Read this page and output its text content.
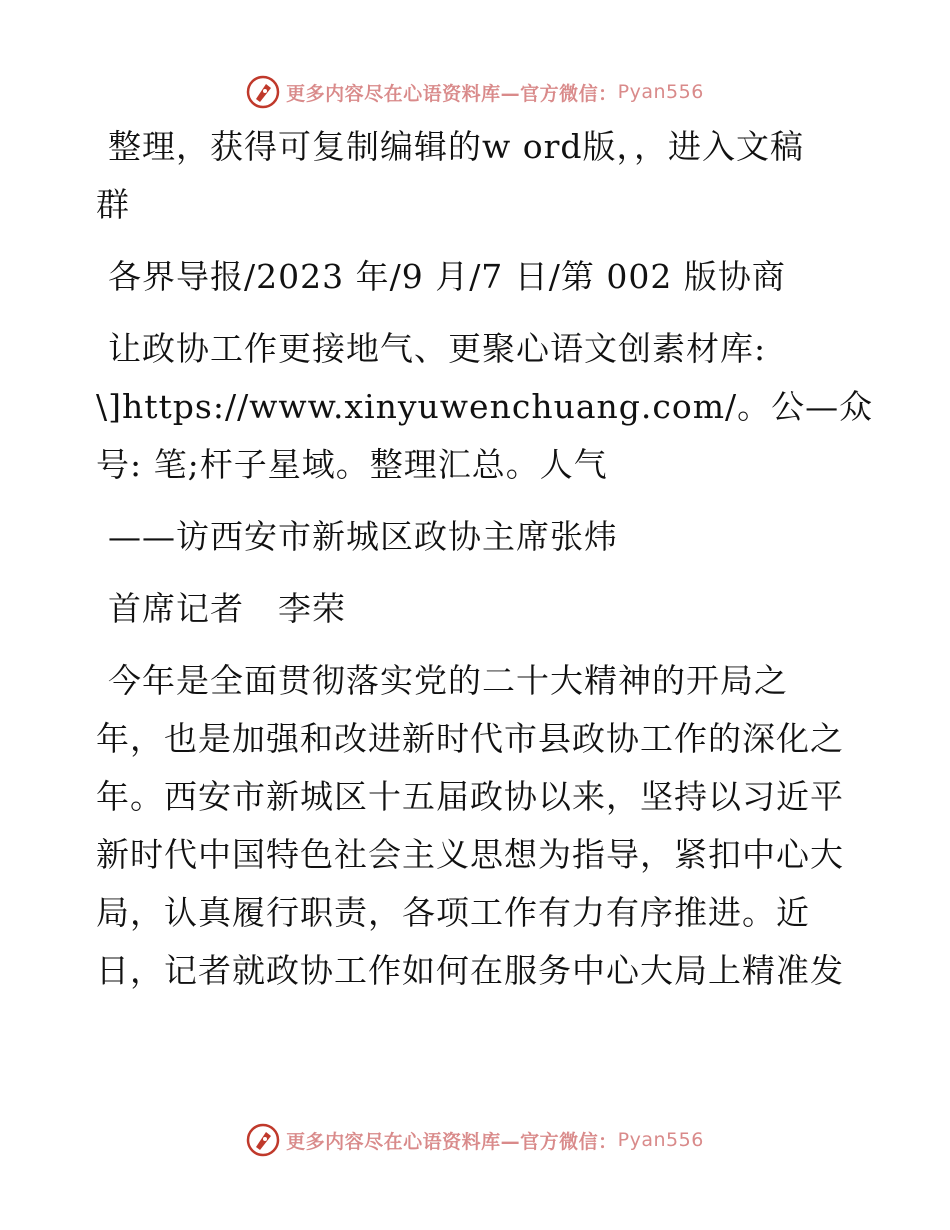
更多内容尽在心语资料库—官方微信： Pyan556

整理，获得可复制编辑的w ord版，，进入文稿
群

各界导报/2023 年/9 月/7 日/第 002 版协商

让政协工作更接地气、更聚心语文创素材库:
\]https://www.xinyuwenchuang.com/。公—众
号: 笔;杆子星域。整理汇总。人气

——访西安市新城区政协主席张炜

首席记者　李荣

今年是全面贯彻落实党的二十大精神的开局之
年，也是加强和改进新时代市县政协工作的深化之
年。西安市新城区十五届政协以来，坚持以习近平
新时代中国特色社会主义思想为指导，紧扣中心大
局，认真履行职责，各项工作有力有序推进。近
日，记者就政协工作如何在服务中心大局上精准发

更多内容尽在心语资料库—官方微信： Pyan556
